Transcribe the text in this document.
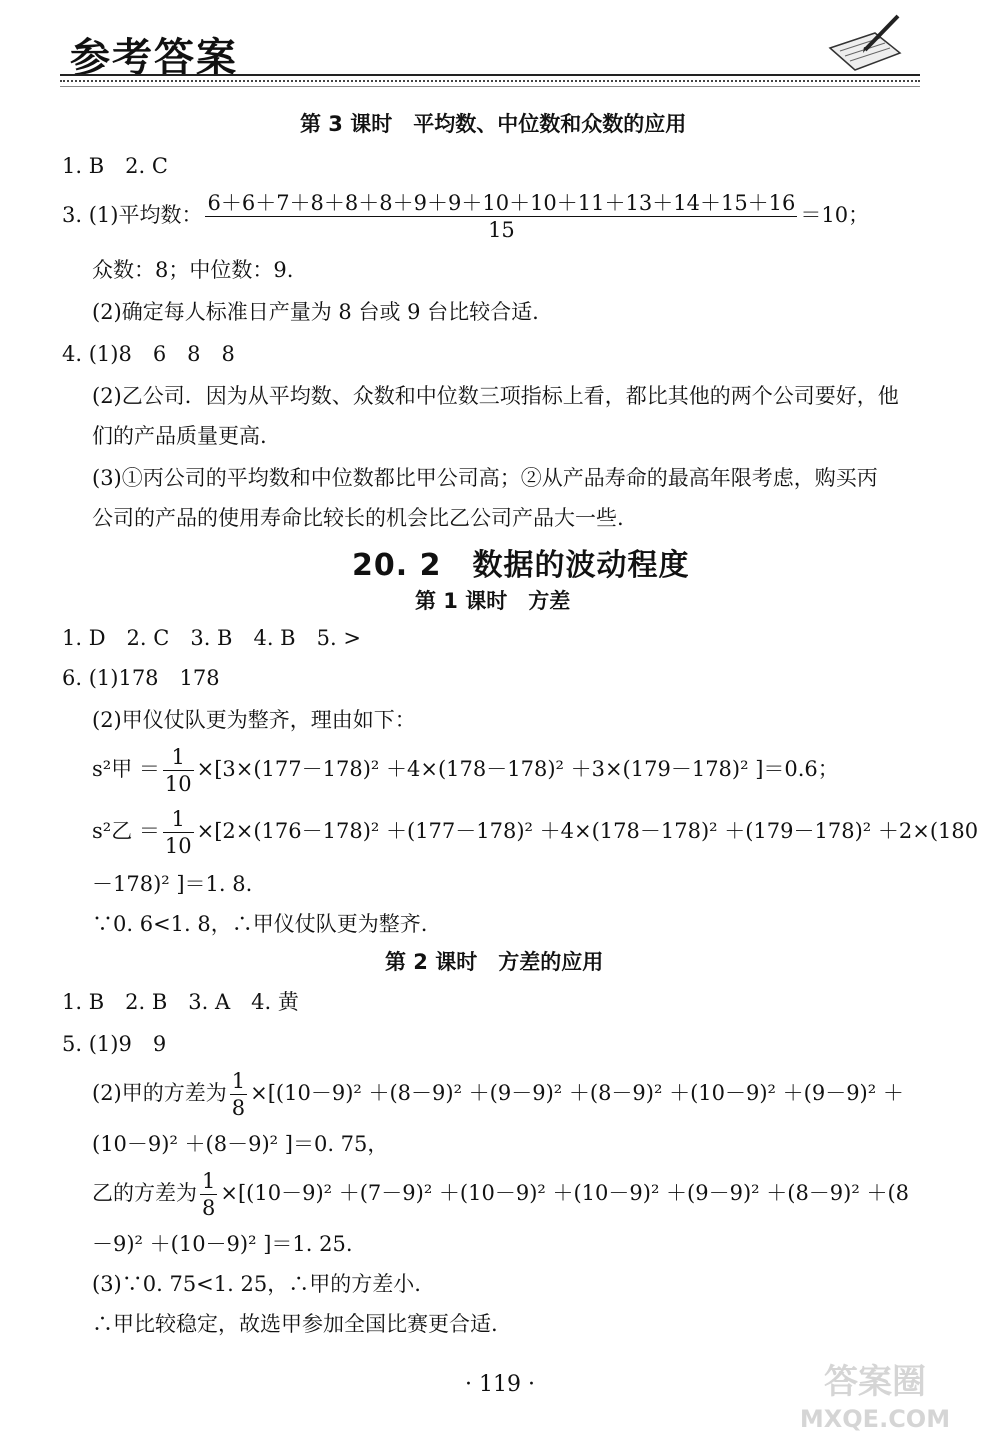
参考答案
第 3 课时　平均数、中位数和众数的应用
1. B　2. C
3. (1)平均数： $\frac{6+6+7+8+8+8+9+9+10+10+11+13+14+15+16}{15} =10$；
众数：8；中位数：9.
(2)确定每人标准日产量为 8 台或 9 台比较合适.
4. (1)8　6　8　8
(2)乙公司．因为从平均数、众数和中位数三项指标上看，都比其他的两个公司要好，他
们的产品质量更高.
(3)①丙公司的平均数和中位数都比甲公司高；②从产品寿命的最高年限考虑，购买丙
公司的产品的使用寿命比较长的机会比乙公司产品大一些.
20. 2　数据的波动程度
第 1 课时　方差
1. D　2. C　3. B　4. B　5. >
6. (1)178　178
(2)甲仪仗队更为整齐，理由如下：
s²甲 ＝ $\frac{1}{10} \times[3\times(177-178)^2 +4\times(178-178)^2 +3\times(179-178)^2$ ]＝0.6；
s²乙 ＝ $\frac{1}{10} \times[2\times(176-178)^2 +(177-178)^2 +4\times(178-178)^2 +(179-178)^2 +2\times(180$
－178)² ]＝1. 8.
∵0. 6<1. 8，∴甲仪仗队更为整齐.
第 2 课时　方差的应用
1. B　2. B　3. A　4. 黄
5. (1)9　9
(2)甲的方差为 $\frac{1}{8} \times[(10-9)^2 +(8-9)^2 +(9-9)^2 +(8-9)^2 +(10-9)^2 +(9-9)^2$ ＋
(10－9)² ＋(8－9)² ]＝0. 75，
乙的方差为 $\frac{1}{8} \times[(10-9)^2 +(7-9)^2 +(10-9)^2 +(10-9)^2 +(9-9)^2 +(8-9)^2 +(8$
－9)² ＋(10－9)² ]＝1. 25.
(3)∵0. 75<1. 25，∴甲的方差小.
∴甲比较稳定，故选甲参加全国比赛更合适.
· 119 ·	答案圈
MXQE.COM
